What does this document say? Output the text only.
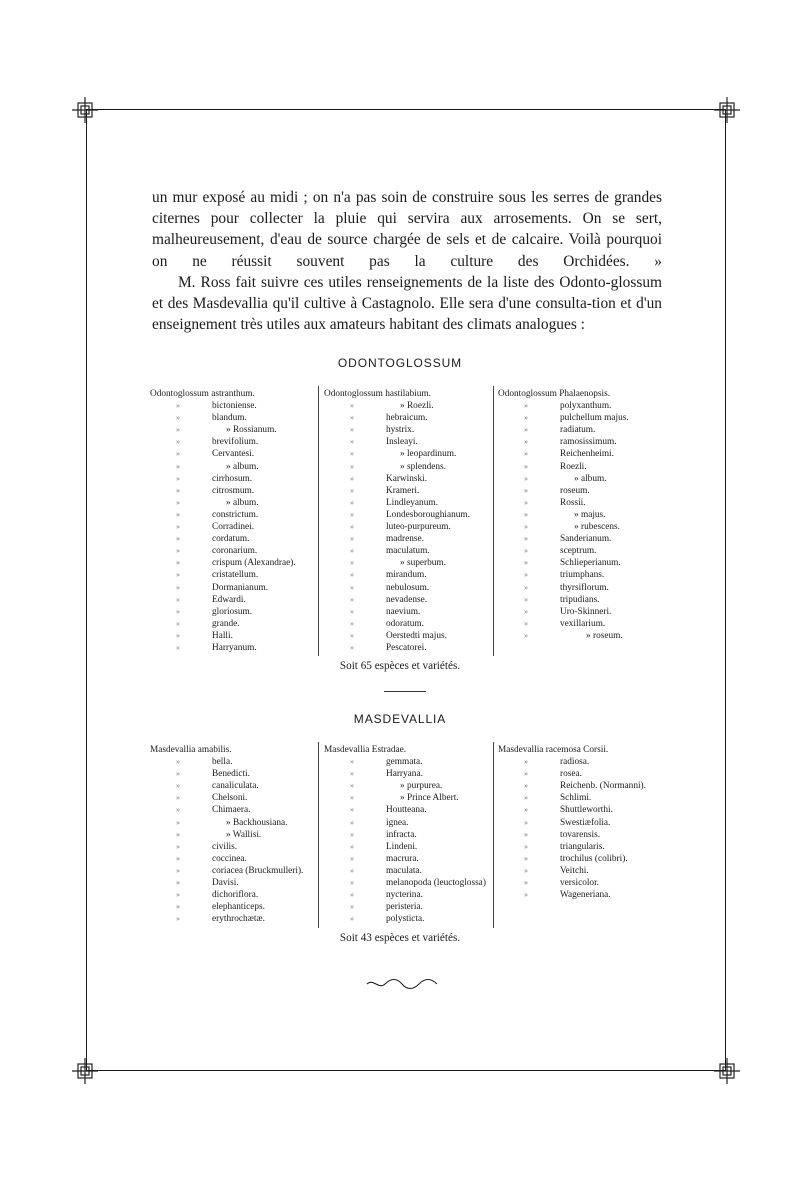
un mur exposé au midi ; on n'a pas soin de construire sous les serres de grandes citernes pour collecter la pluie qui servira aux arrosements. On se sert, malheureusement, d'eau de source chargée de sels et de calcaire. Voilà pourquoi on ne réussit souvent pas la culture des Orchidées. »

M. Ross fait suivre ces utiles renseignements de la liste des Odonto-glossum et des Masdevallia qu'il cultive à Castagnolo. Elle sera d'une consulta-tion et d'un enseignement très utiles aux amateurs habitant des climats analogues :

ODONTOGLOSSUM
Odontoglossum astranthum.
»	bictoniense.
»	blandum.
»	» Rossianum.
»	brevifolium.
»	Cervantesi.
»	» album.
»	cirrhosum.
»	citrosmum.
»	» album.
»	constrictum.
»	Corradinei.
»	cordatum.
»	coronarium.
»	crispum (Alexandrae).
»	cristatellum.
»	Dormanianum.
»	Edwardi.
»	gloriosum.
»	grande.
»	Halli.
»	Harryanum.
Odontoglossum hastilabium.
»	» Roezli.
»	hebraicum.
»	hystrix.
»	Insleayi.
»	» leopardinum.
»	» splendens.
»	Karwinski.
»	Krameri.
»	Lindleyanum.
»	Londesboroughianum.
»	luteo-purpureum.
»	madrense.
»	maculatum.
»	» superbum.
»	mirandum.
»	nebulosum.
»	nevadense.
»	naevium.
»	odoratum.
»	Oerstedti majus.
»	Pescatorei.
Odontoglossum Phalaenopsis.
»	polyxanthum.
»	pulchellum majus.
»	radiatum.
»	ramosissimum.
»	Reichenheimi.
»	Roezli.
»	» album.
»	roseum.
»	Rossii.
»	» majus.
»	» rubescens.
»	Sanderianum.
»	sceptrum.
»	Schlieperianum.
»	triumphans.
»	thyrsiflorum.
»	tripudians.
»	Uro-Skinneri.
»	vexillarium.
»	» roseum.
Soit 65 espèces et variétés.
MASDEVALLIA
Masdevallia amabilis.
»	bella.
»	Benedicti.
»	canaliculata.
»	Chelsoni.
»	Chimaera.
»	» Backhousiana.
»	» Wallisi.
»	civilis.
»	coccinea.
»	coriacea (Bruckmulleri).
»	Davisi.
»	dichoriflora.
»	elephanticeps.
»	erythrochætæ.
Masdevallia Estradae.
»	gemmata.
»	Harryana.
»	» purpurea.
»	» Prince Albert.
»	Houtteana.
»	ignea.
»	infracta.
»	Lindeni.
»	macrura.
»	maculata.
»	melanopoda (leuctoglossa)
»	nycterina.
»	peristeria.
»	polysticta.
Masdevallia racemosa Corsii.
»	radiosa.
»	rosea.
»	Reichenb. (Normanni).
»	Schlimi.
»	Shuttleworthi.
»	Swestiæfolia.
»	tovarensis.
»	triangularis.
»	trochilus (colibri).
»	Veitchi.
»	versicolor.
»	Wageneriana.
Soit 43 espèces et variétés.
